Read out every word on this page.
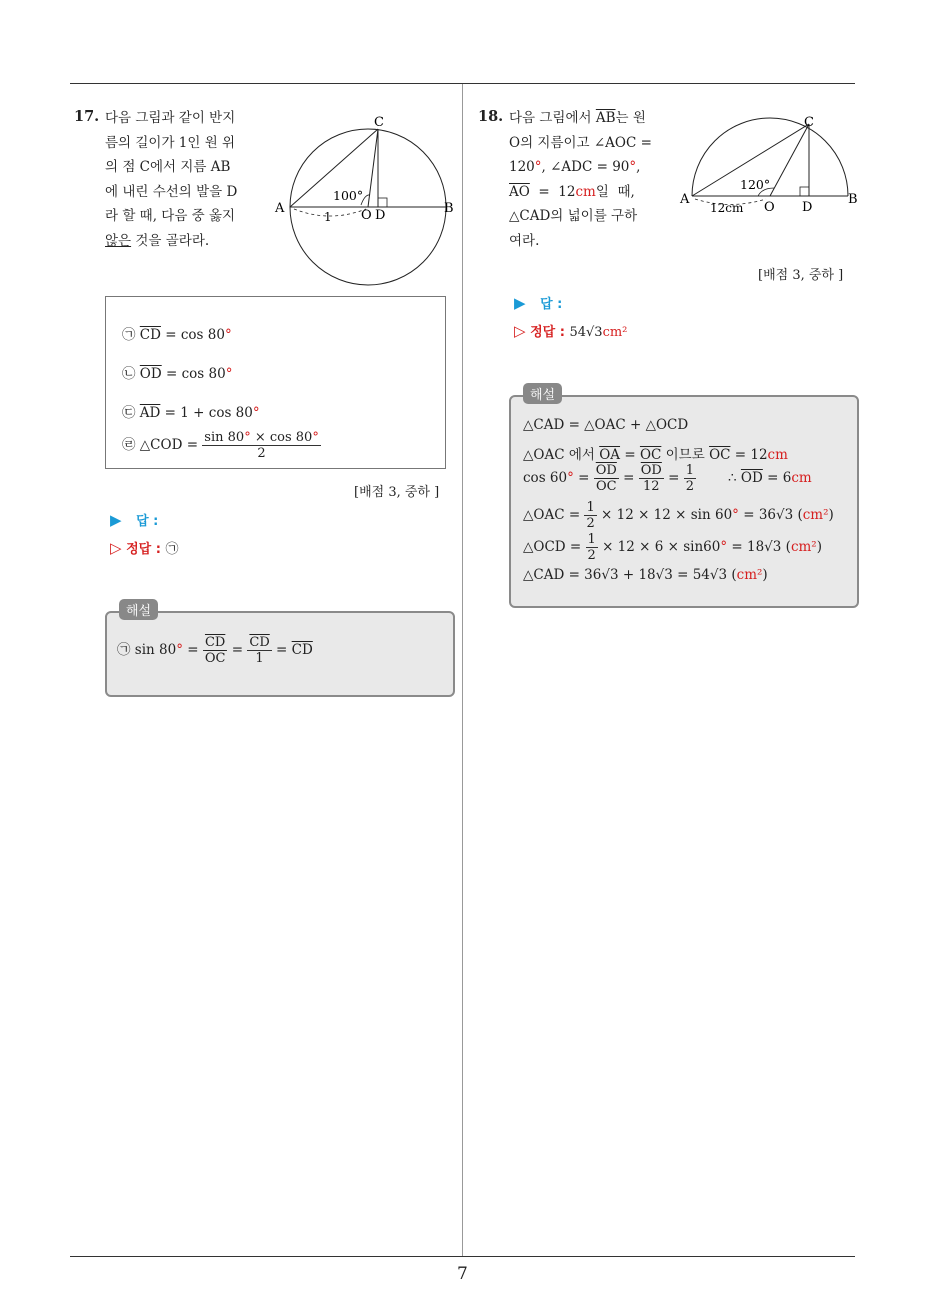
7
17. 다음 그림과 같이 반지
름의 길이가 1인 원 위
의 점 C에서 지름 AB
에 내린 수선의 발을 D
라 할 때, 다음 중 옳지
않은 것을 골라라.
C
A	B
O D
100°
1
㉠ $\overline{CD} = \cos 80^\circ$
㉡ $\overline{OD} = \cos 80^\circ$
㉢ $\overline{AD} = 1 + \cos 80^\circ$
㉣ △COD = $\frac{\sin 80^\circ \times \cos 80^\circ}{2}$
[배점 3, 중하 ]
▶ 답 :
▷ 정답 : ㉠
㉠ $\sin 80^\circ = \frac{\overline{CD}}{OC} = \frac{\overline{CD}}{1} = \overline{CD}$
해설
18. 다음 그림에서 $\overline{AB}$는 원
O의 지름이고 ∠AOC =
120°, ∠ADC = 90°,
$\overline{AO} = 12cm$일  때,
△CAD의 넓이를 구하
여라.
C
A	B
O D
120°
12cm
[배점 3, 중하 ]
▶ 답 :
▷ 정답 : 54√3cm²
△CAD = △OAC + △OCD
△OAC 에서 $\overline{OA} = \overline{OC}$ 이므로 $\overline{OC} = 12cm$
$\cos 60^\circ = \frac{\overline{OD}}{OC} = \frac{\overline{OD}}{12} = \frac{1}{2}$ ∴ $\overline{OD} = 6cm$
△OAC = $\frac{1}{2} \times 12 \times 12 \times \sin 60^\circ = 36√3$ (cm²)
△OCD = $\frac{1}{2} \times 12 \times 6 \times \sin 60^\circ = 18√3$ (cm²)
△CAD = 36√3 + 18√3 = 54√3 (cm²)
해설
